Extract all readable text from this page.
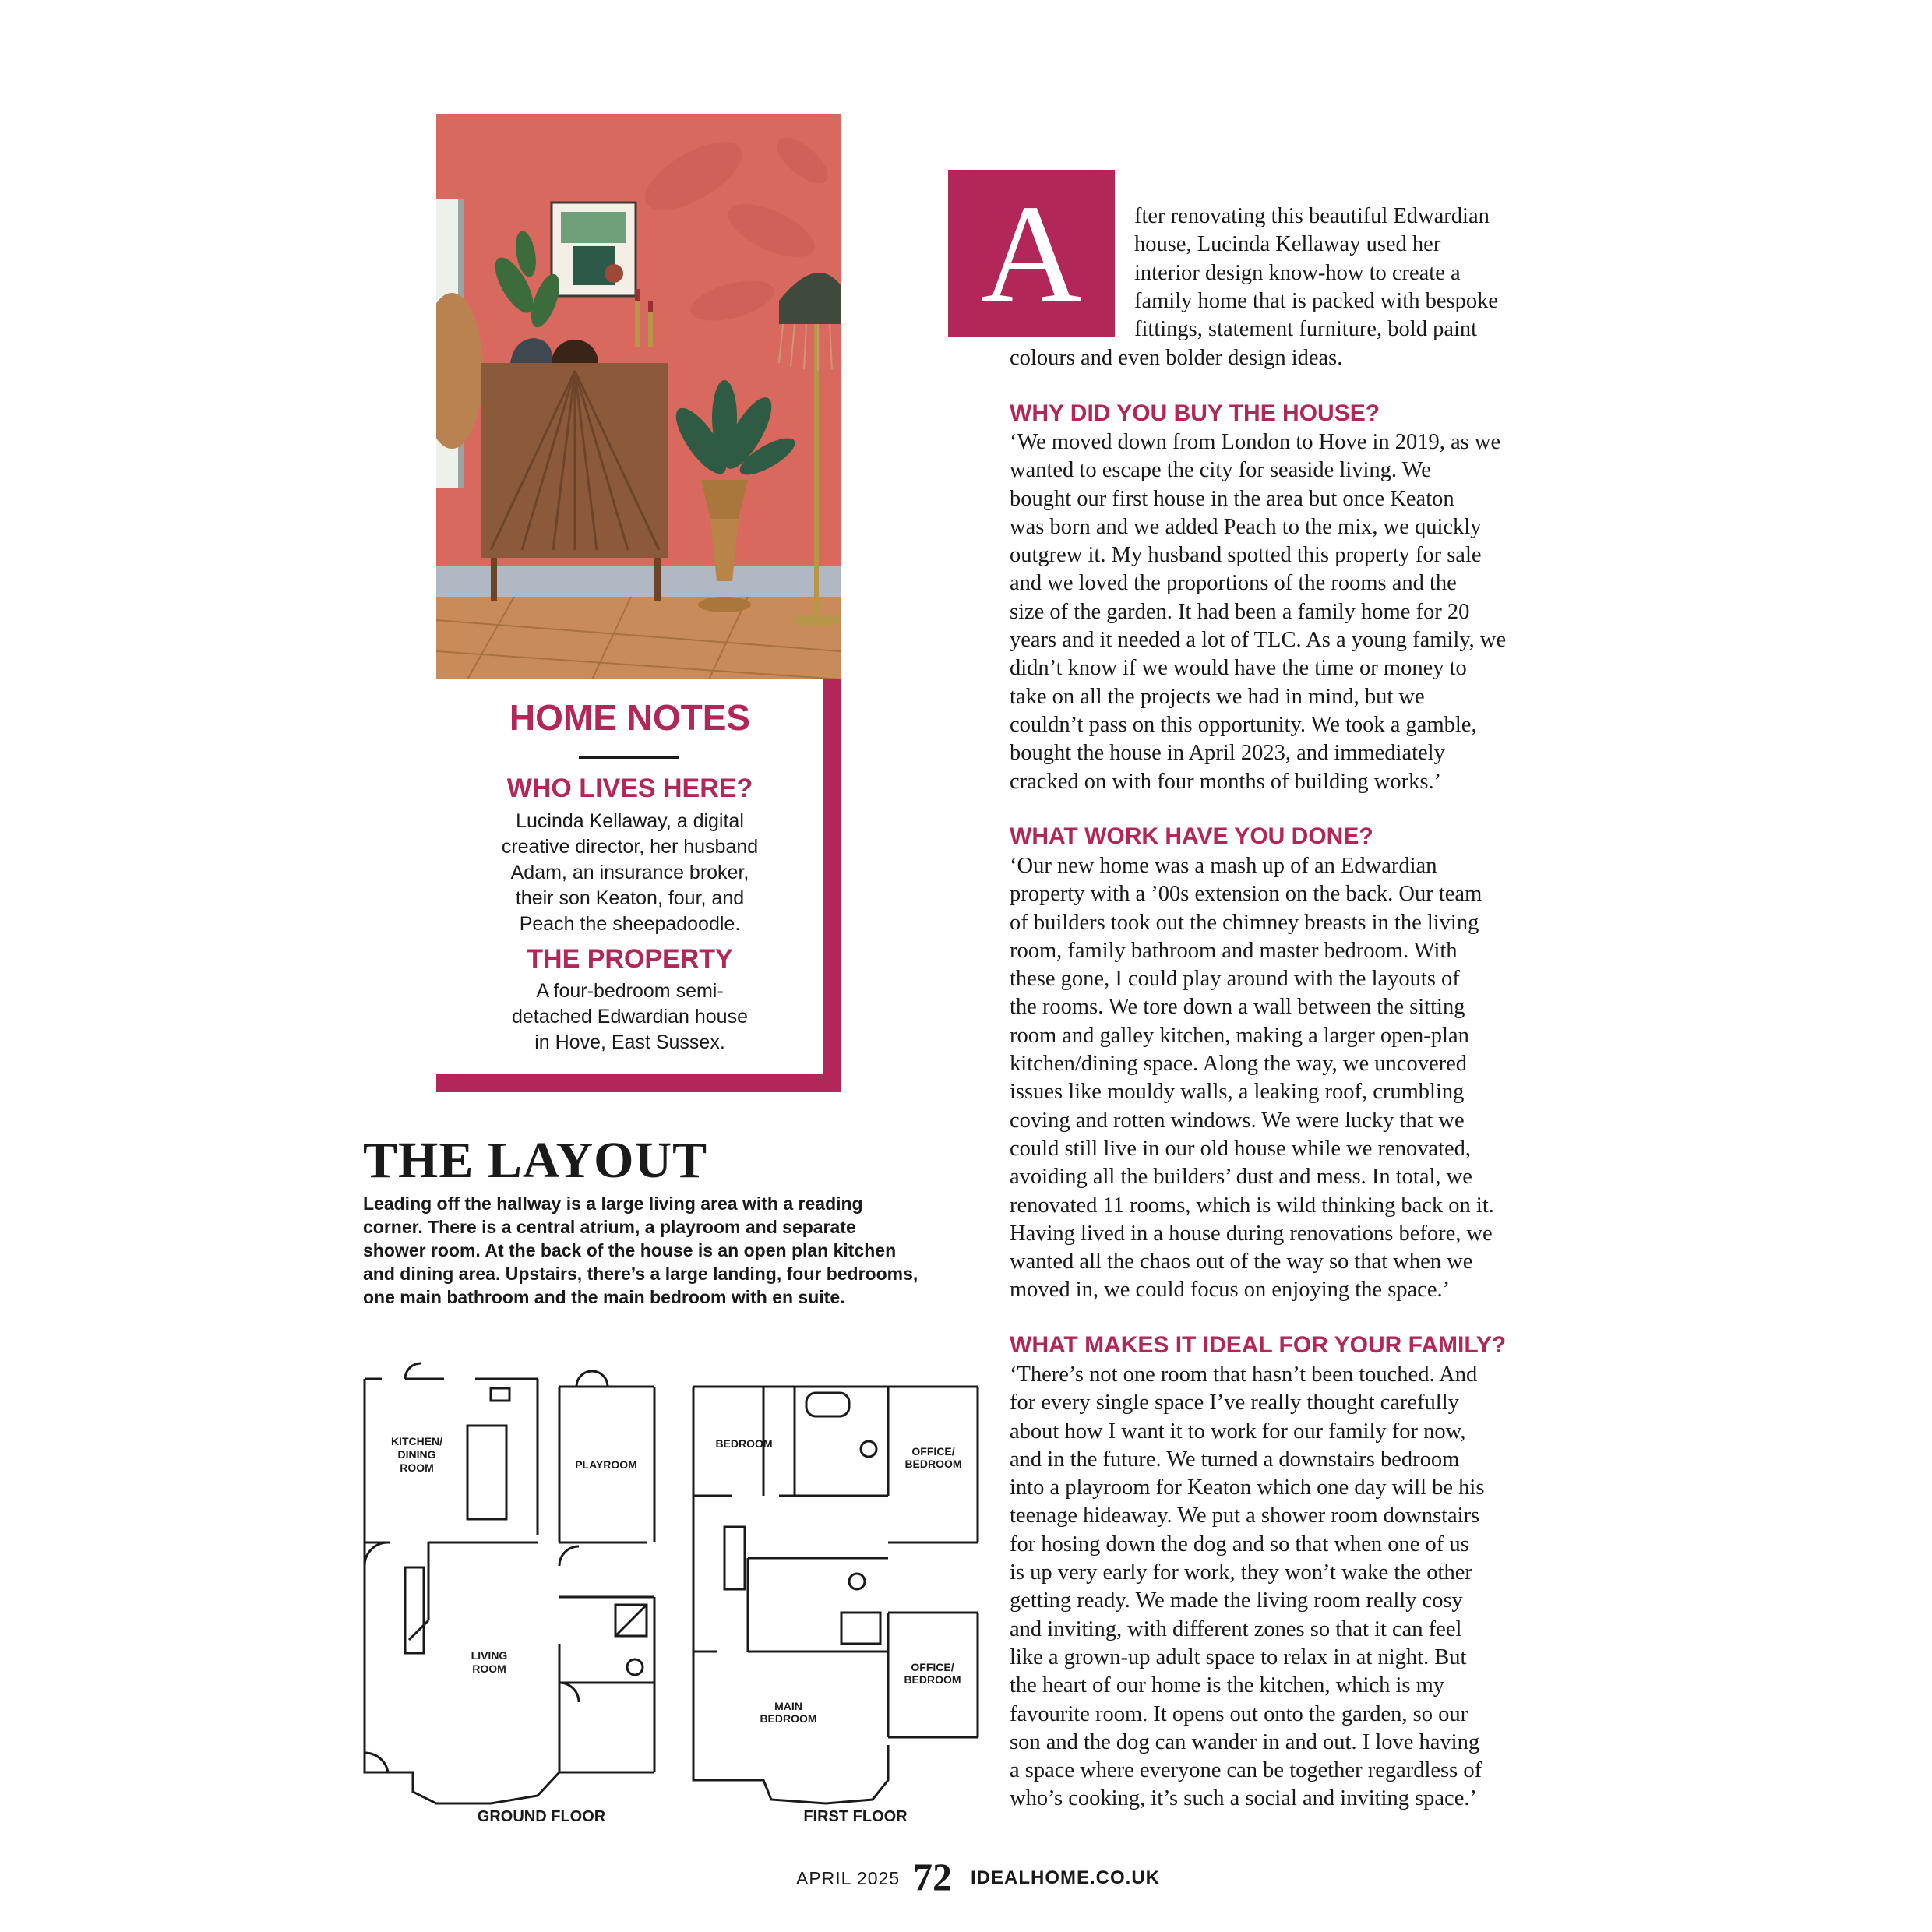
HOME NOTES
WHO LIVES HERE?
Lucinda Kellaway, a digital
creative director, her husband
Adam, an insurance broker,
their son Keaton, four, and
Peach the sheepadoodle.
THE PROPERTY
A four-bedroom semi-
detached Edwardian house
in Hove, East Sussex.
THE LAYOUT
Leading off the hallway is a large living area with a reading
corner. There is a central atrium, a playroom and separate
shower room. At the back of the house is an open plan kitchen
and dining area. Upstairs, there’s a large landing, four bedrooms,
one main bathroom and the main bedroom with en suite.
KITCHEN/
DINING
ROOM	PLAYROOM
LIVING
ROOM
GROUND FLOOR
BEDROOM
OFFICE/
BEDROOM
OFFICE/
BEDROOM
MAIN
BEDROOM
FIRST FLOOR
A	fter renovating this beautiful Edwardian
house, Lucinda Kellaway used her
interior design know-how to create a
family home that is packed with bespoke
fittings, statement furniture, bold paint
colours and even bolder design ideas.
WHY DID YOU BUY THE HOUSE?
‘We moved down from London to Hove in 2019, as we
wanted to escape the city for seaside living. We
bought our first house in the area but once Keaton
was born and we added Peach to the mix, we quickly
outgrew it. My husband spotted this property for sale
and we loved the proportions of the rooms and the
size of the garden. It had been a family home for 20
years and it needed a lot of TLC. As a young family, we
didn’t know if we would have the time or money to
take on all the projects we had in mind, but we
couldn’t pass on this opportunity. We took a gamble,
bought the house in April 2023, and immediately
cracked on with four months of building works.’
WHAT WORK HAVE YOU DONE?
‘Our new home was a mash up of an Edwardian
property with a ’00s extension on the back. Our team
of builders took out the chimney breasts in the living
room, family bathroom and master bedroom. With
these gone, I could play around with the layouts of
the rooms. We tore down a wall between the sitting
room and galley kitchen, making a larger open-plan
kitchen/dining space. Along the way, we uncovered
issues like mouldy walls, a leaking roof, crumbling
coving and rotten windows. We were lucky that we
could still live in our old house while we renovated,
avoiding all the builders’ dust and mess. In total, we
renovated 11 rooms, which is wild thinking back on it.
Having lived in a house during renovations before, we
wanted all the chaos out of the way so that when we
moved in, we could focus on enjoying the space.’
WHAT MAKES IT IDEAL FOR YOUR FAMILY?
‘There’s not one room that hasn’t been touched. And
for every single space I’ve really thought carefully
about how I want it to work for our family for now,
and in the future. We turned a downstairs bedroom
into a playroom for Keaton which one day will be his
teenage hideaway. We put a shower room downstairs
for hosing down the dog and so that when one of us
is up very early for work, they won’t wake the other
getting ready. We made the living room really cosy
and inviting, with different zones so that it can feel
like a grown-up adult space to relax in at night. But
the heart of our home is the kitchen, which is my
favourite room. It opens out onto the garden, so our
son and the dog can wander in and out. I love having
a space where everyone can be together regardless of
who’s cooking, it’s such a social and inviting space.’
APRIL 2025 72 IDEALHOME.CO.UK
